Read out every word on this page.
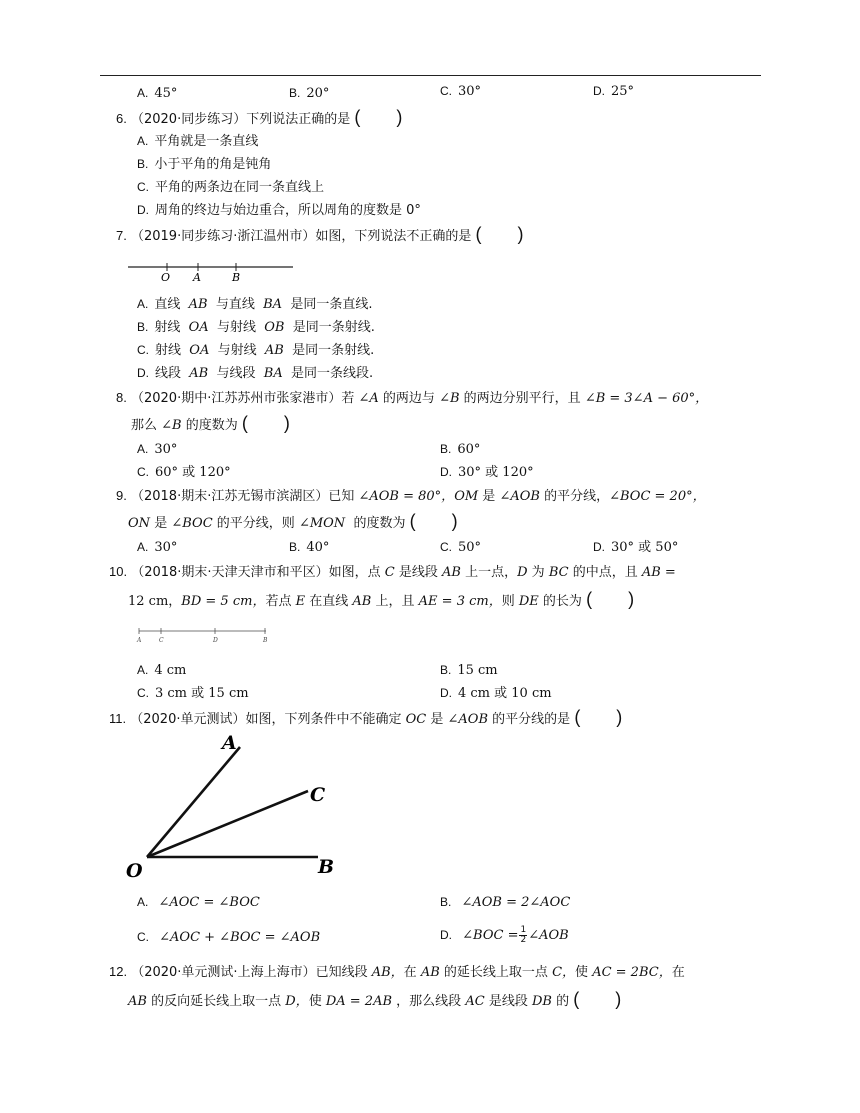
A. 45°	B. 20°	C. 30°	D. 25°
6. （2020·同步练习）下列说法正确的是 (　　)
A. 平角就是一条直线
B. 小于平角的角是钝角
C. 平角的两条边在同一条直线上
D. 周角的终边与始边重合，所以周角的度数是 0°
7. （2019·同步练习·浙江温州市）如图，下列说法不正确的是 (　　)
O A	B
A. 直线 AB 与直线 BA 是同一条直线.
B. 射线 OA 与射线 OB 是同一条射线.
C. 射线 OA 与射线 AB 是同一条射线.
D. 线段 AB 与线段 BA 是同一条线段.
8. （2020·期中·江苏苏州市张家港市）若 ∠A 的两边与 ∠B 的两边分别平行，且 ∠B = 3∠A − 60°，
那么 ∠B 的度数为 (　　)
A. 30°	B. 60°
C. 60° 或 120°	D. 30° 或 120°
9. （2018·期末·江苏无锡市滨湖区）已知 ∠AOB = 80°，OM 是 ∠AOB 的平分线，∠BOC = 20°，
ON 是 ∠BOC 的平分线，则 ∠MON 的度数为 (　　)
A. 30°	B. 40°	C. 50°	D. 30° 或 50°
10. （2018·期末·天津天津市和平区）如图，点 C 是线段 AB 上一点，D 为 BC 的中点，且 AB =
12 cm，BD = 5 cm，若点 E 在直线 AB 上，且 AE = 3 cm，则 DE 的长为 (　　)
A	C	D	B
A. 4 cm	B. 15 cm
C. 3 cm 或 15 cm	D. 4 cm 或 10 cm
11. （2020·单元测试）如图，下列条件中不能确定 OC 是 ∠AOB 的平分线的是 (　　)
A
C
O	B
A. ∠AOC = ∠BOC	B. ∠AOB = 2∠AOC
C. ∠AOC + ∠BOC = ∠AOB	D. ∠BOC = $\frac{1}{2}$ ∠AOB
12. （2020·单元测试·上海上海市）已知线段 AB，在 AB 的延长线上取一点 C，使 AC = 2BC，在
AB 的反向延长线上取一点 D，使 DA = 2AB ，那么线段 AC 是线段 DB 的 (　　)
